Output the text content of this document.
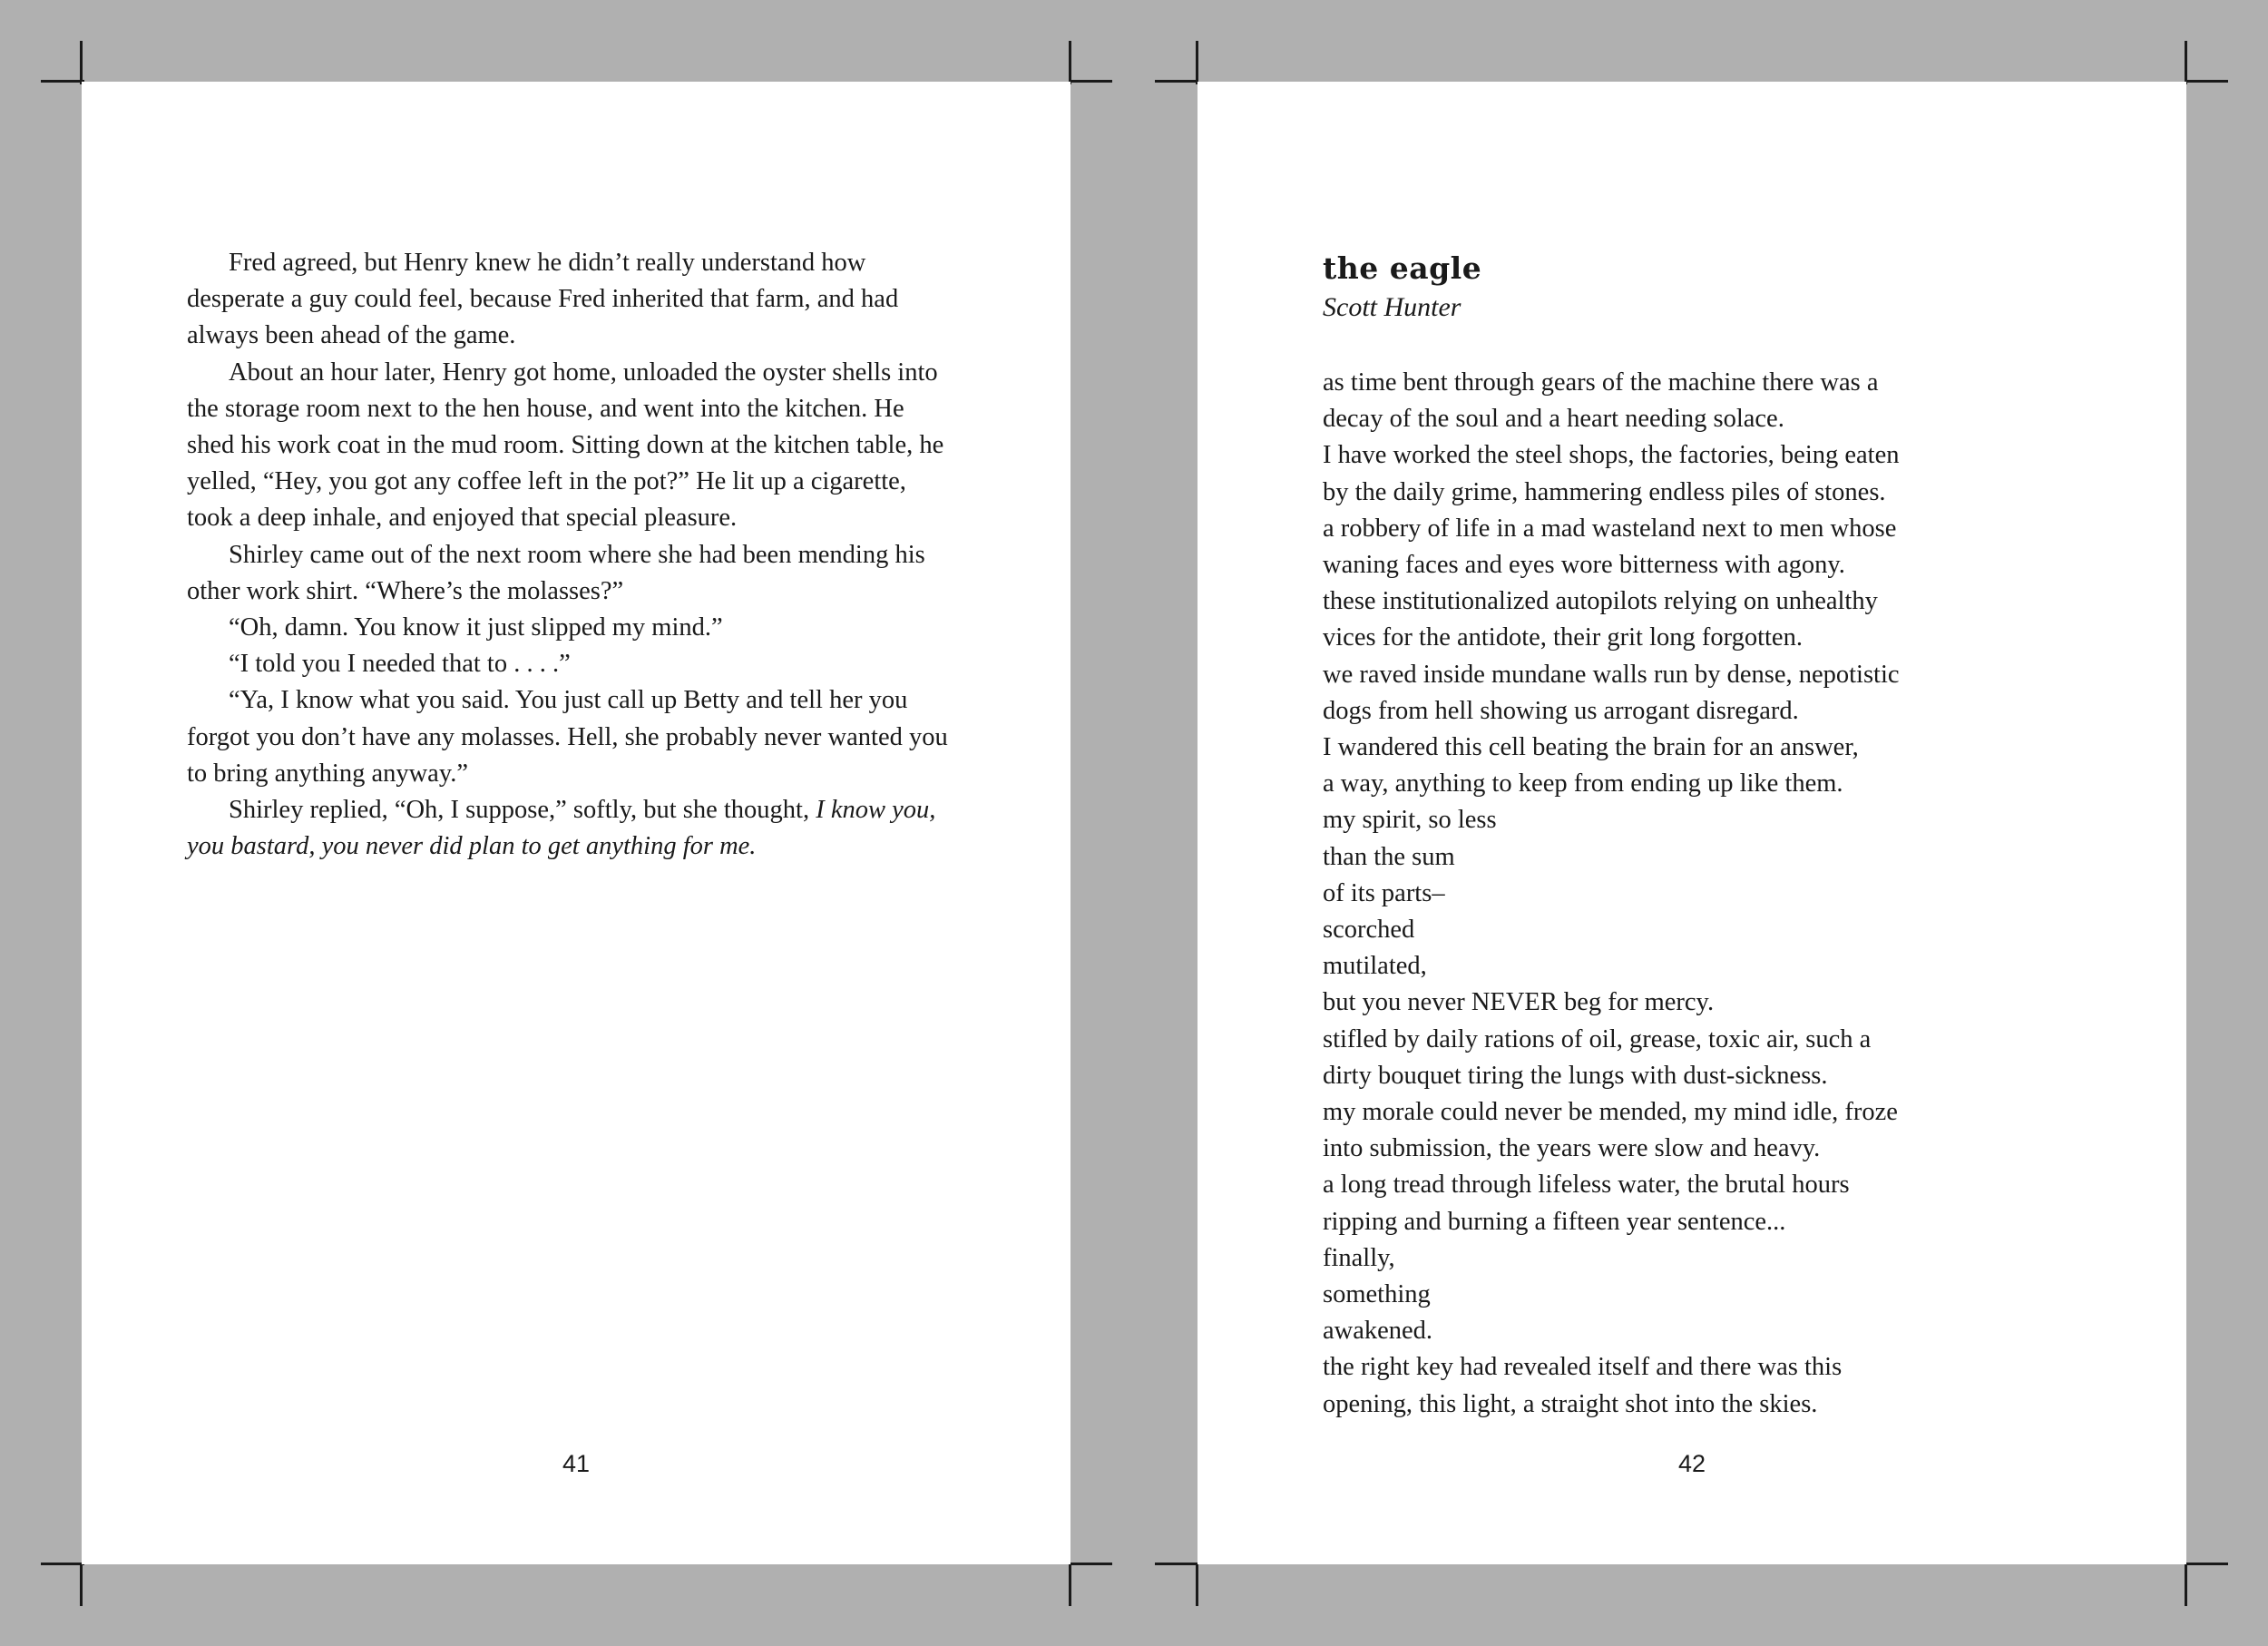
Fred agreed, but Henry knew he didn’t really understand how desperate a guy could feel, because Fred inherited that farm, and had always been ahead of the game.

About an hour later, Henry got home, unloaded the oyster shells into the storage room next to the hen house, and went into the kitchen. He shed his work coat in the mud room. Sitting down at the kitchen table, he yelled, “Hey, you got any coffee left in the pot?” He lit up a cigarette, took a deep inhale, and enjoyed that special pleasure.

Shirley came out of the next room where she had been mending his other work shirt. “Where’s the molasses?”

“Oh, damn. You know it just slipped my mind.”

“I told you I needed that to . . . .”

“Ya, I know what you said. You just call up Betty and tell her you forgot you don’t have any molasses. Hell, she probably never wanted you to bring anything anyway.”

Shirley replied, “Oh, I suppose,” softly, but she thought, I know you, you bastard, you never did plan to get anything for me.

41
the eagle
Scott Hunter
as time bent through gears of the machine there was a
decay of the soul and a heart needing solace.
I have worked the steel shops, the factories, being eaten
by the daily grime, hammering endless piles of stones.
a robbery of life in a mad wasteland next to men whose
waning faces and eyes wore bitterness with agony.
these institutionalized autopilots relying on unhealthy
vices for the antidote, their grit long forgotten.
we raved inside mundane walls run by dense, nepotistic
dogs from hell showing us arrogant disregard.
I wandered this cell beating the brain for an answer,
a way, anything to keep from ending up like them.
my spirit, so less
than the sum
of its parts–
scorched
mutilated,
but you never NEVER beg for mercy.
stifled by daily rations of oil, grease, toxic air, such a
dirty bouquet tiring the lungs with dust-sickness.
my morale could never be mended, my mind idle, froze
into submission, the years were slow and heavy.
a long tread through lifeless water, the brutal hours
ripping and burning a fifteen year sentence...
finally,
something
awakened.
the right key had revealed itself and there was this
opening, this light, a straight shot into the skies.
42
